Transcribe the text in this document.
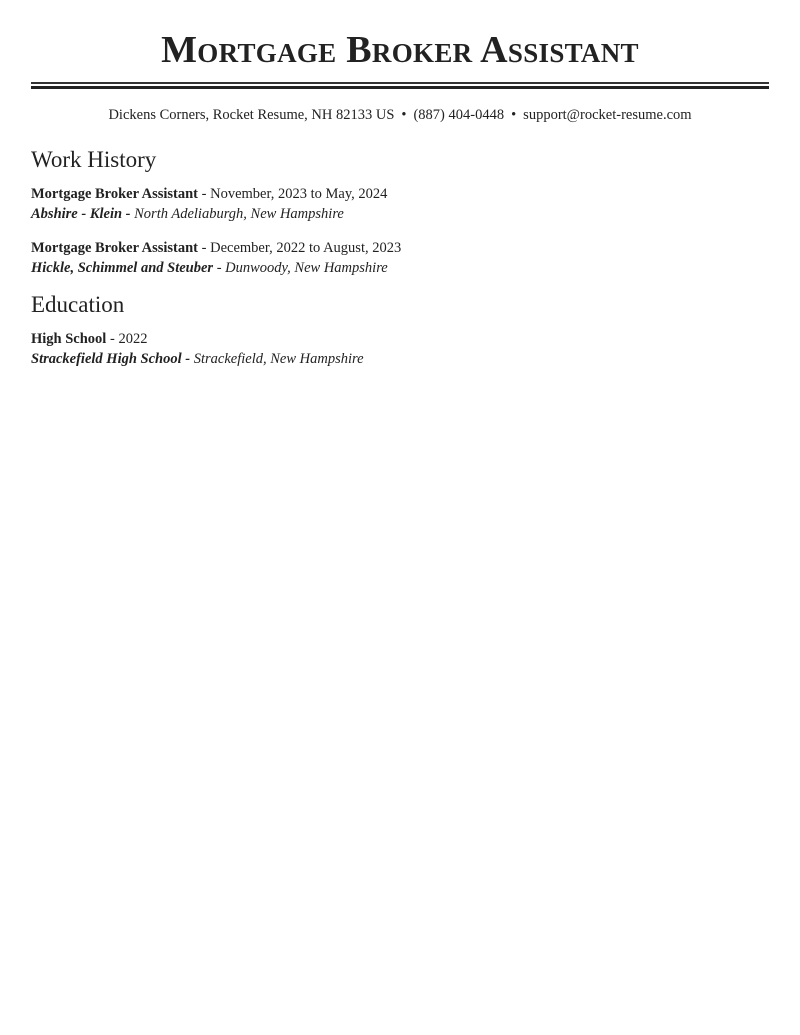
Mortgage Broker Assistant
Dickens Corners, Rocket Resume, NH 82133 US • (887) 404-0448 • support@rocket-resume.com
Work History

Mortgage Broker Assistant - November, 2023 to May, 2024

Abshire - Klein - North Adeliaburgh, New Hampshire

Mortgage Broker Assistant - December, 2022 to August, 2023

Hickle, Schimmel and Steuber - Dunwoody, New Hampshire

Education

High School - 2022

Strackefield High School - Strackefield, New Hampshire
